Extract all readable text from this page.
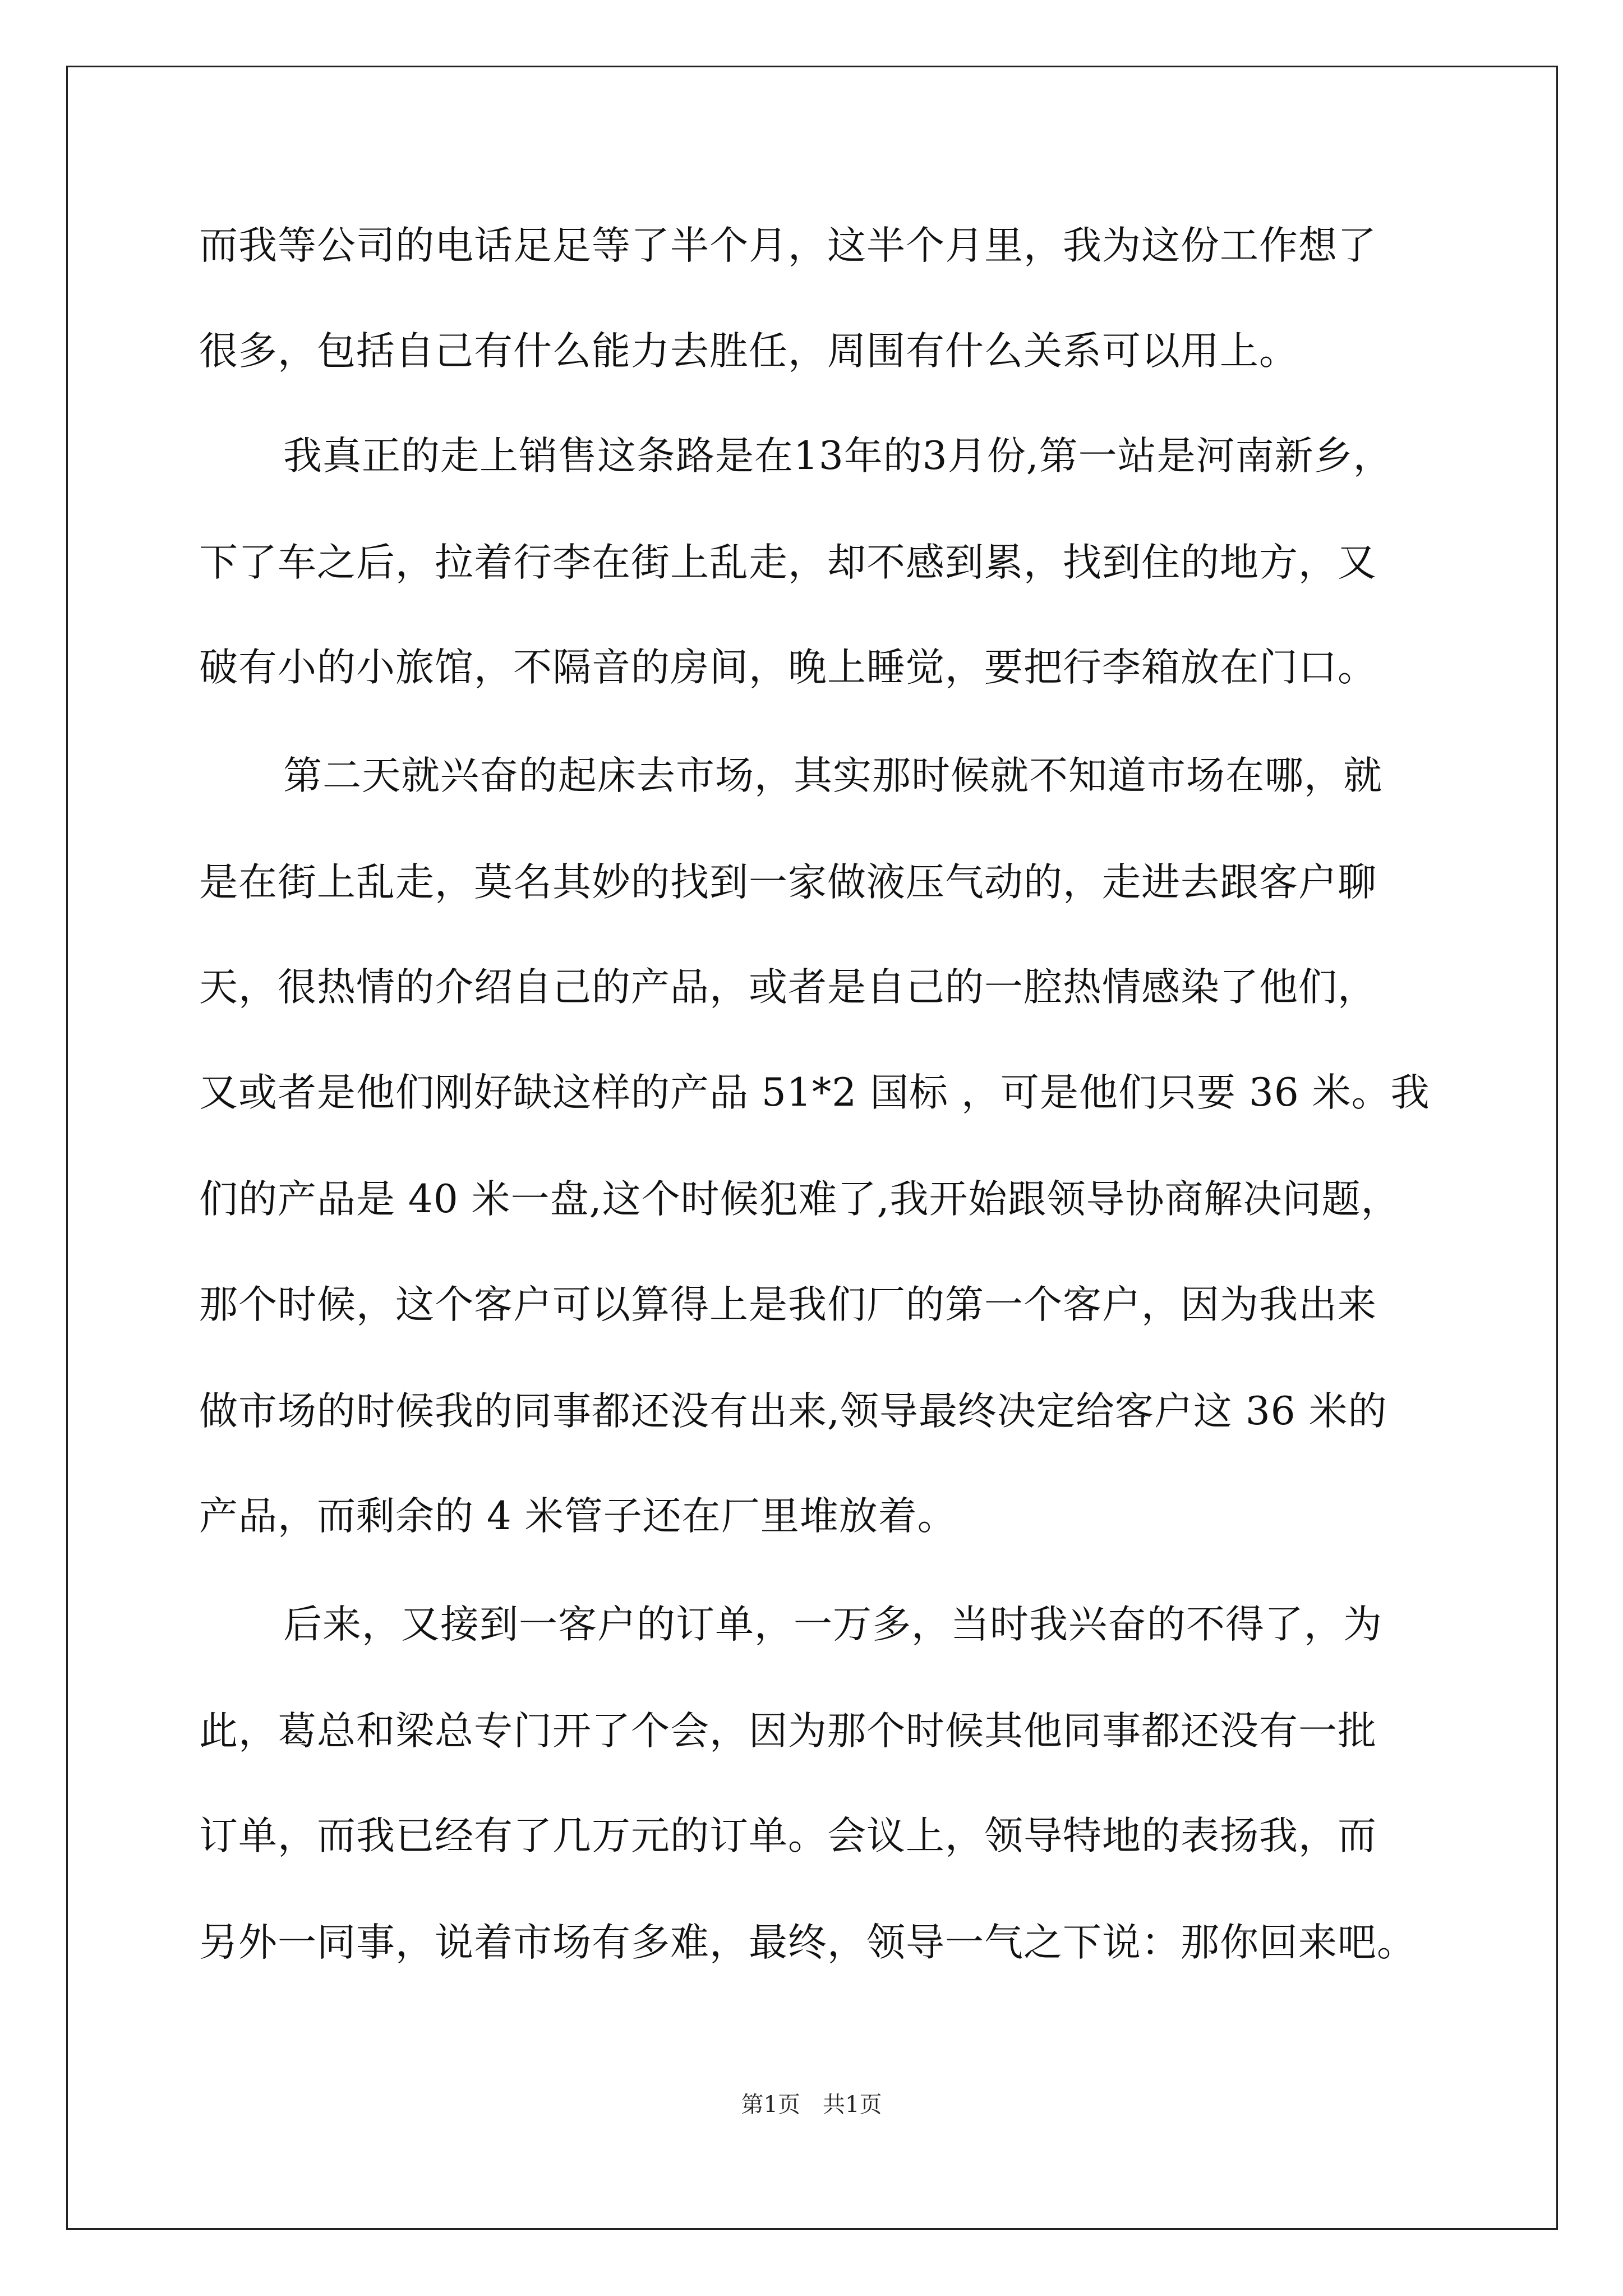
而我等公司的电话足足等了半个月，这半个月里，我为这份工作想了
很多，包括自己有什么能力去胜任，周围有什么关系可以用上。
我真正的走上销售这条路是在13年的3月份,第一站是河南新乡，
下了车之后，拉着行李在街上乱走，却不感到累，找到住的地方，又
破有小的小旅馆，不隔音的房间，晚上睡觉，要把行李箱放在门口。
第二天就兴奋的起床去市场，其实那时候就不知道市场在哪，就
是在街上乱走，莫名其妙的找到一家做液压气动的，走进去跟客户聊
天，很热情的介绍自己的产品，或者是自己的一腔热情感染了他们，
又或者是他们刚好缺这样的产品 51*2 国标 ，可是他们只要 36 米。我
们的产品是 40 米一盘,这个时候犯难了,我开始跟领导协商解决问题，
那个时候，这个客户可以算得上是我们厂的第一个客户，因为我出来
做市场的时候我的同事都还没有出来,领导最终决定给客户这 36 米的
产品，而剩余的 4 米管子还在厂里堆放着。
后来，又接到一客户的订单，一万多，当时我兴奋的不得了，为
此，葛总和梁总专门开了个会，因为那个时候其他同事都还没有一批
订单，而我已经有了几万元的订单。会议上，领导特地的表扬我，而
另外一同事，说着市场有多难，最终，领导一气之下说：那你回来吧。
第1页　共1页
